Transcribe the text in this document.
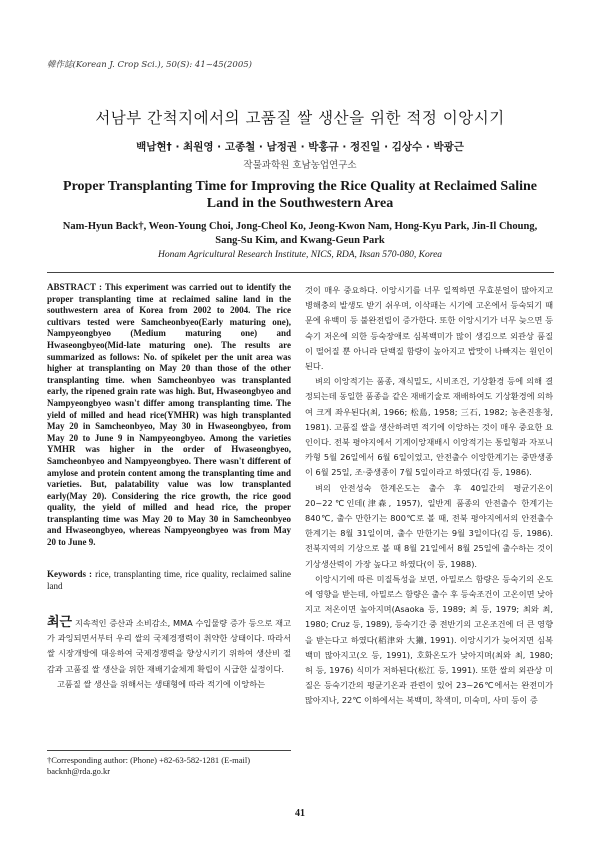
韓作誌(Korean J. Crop Sci.), 50(S): 41~45(2005)
서남부 간척지에서의 고품질 쌀 생산을 위한 적정 이앙시기
백남현† · 최원영 · 고종철 · 남정권 · 박홍규 · 정진일 · 김상수 · 박광근
작물과학원 호남농업연구소
Proper Transplanting Time for Improving the Rice Quality at Reclaimed Saline Land in the Southwestern Area
Nam-Hyun Back†, Weon-Young Choi, Jong-Cheol Ko, Jeong-Kwon Nam, Hong-Kyu Park, Jin-Il Choung, Sang-Su Kim, and Kwang-Geun Park
Honam Agricultural Research Institute, NICS, RDA, Iksan 570-080, Korea
ABSTRACT : This experiment was carried out to identify the proper transplanting time at reclaimed saline land in the southwestern area of Korea from 2002 to 2004. The rice cultivars tested were Samcheonbyeo(Early maturing one), Nampyeongbyeo (Medium maturing one) and Hwaseongbyeo(Mid-late maturing one). The results are summarized as follows: No. of spikelet per the unit area was higher at transplanting on May 20 than those of the other transplanting time. when Samcheonbyeo was transplanted early, the ripened grain rate was high. But, Hwaseongbyeo and Nampyeongbyeo wasn't differ among transplanting time. The yield of milled and head rice(YMHR) was high transplanted May 20 in Samcheonbyeo, May 30 in Hwaseongbyeo, from May 20 to June 9 in Nampyeongbyeo. Among the varieties YMHR was higher in the order of Hwaseongbyeo, Samcheonbyeo and Nampyeongbyeo. There wasn't different of amylose and protein content among the transplanting time and varieties. But, palatability value was low transplanted early(May 20). Considering the rice growth, the rice good quality, the yield of milled and head rice, the proper transplanting time was May 20 to May 30 in Samcheonbyeo and Hwaseongbyeo, whereas Nampyeongbyeo was from May 20 to June 9.
Keywords : rice, transplanting time, rice quality, reclaimed saline land
최근 지속적인 증산과 소비감소, MMA 수입물량 증가 등으로 재고가 과잉되면서부터 우리 쌀의 국제경쟁력이 취약한 상태이다. 따라서 쌀 시장개방에 대응하여 국제경쟁력을 향상시키기 위하여 생산비 절감과 고품질 쌀 생산을 위한 재배기술체계 확립이 시급한 실정이다.
고품질 쌀 생산을 위해서는 생태형에 따라 적기에 이앙하는
†Corresponding author: (Phone) +82-63-582-1281 (E-mail) backnh@rda.go.kr

것이 매우 중요하다. 이앙시기를 너무 일찍하면 무효분얼이 많아지고 병해충의 발생도 받기 쉬우며, 이삭패는 시기에 고온에서 등숙되기 때문에 유백미 등 불완전립이 증가한다. 또한 이앙시기가 너무 늦으면 등숙기 저온에 의한 등숙장애로 심복백미가 많이 생김으로 외관상 품질이 떨어질 뿐 아니라 단백질 함량이 높아지고 밥맛이 나빠지는 원인이 된다.

벼의 이앙적기는 품종, 재식밀도, 시비조건, 기상환경 등에 의해 결정되는데 동일한 품종을 같은 재배기술로 재배하여도 기상환경에 의하여 크게 좌우된다(최, 1966; 松島, 1958; 三石, 1982; 농촌진흥청, 1981). 고품질 쌀을 생산하려면 적기에 이앙하는 것이 매우 중요한 요인이다. 전북 평야지에서 기계이앙재배시 이앙적기는 통일형과 자포니카형 5월 26일에서 6월 6일이었고, 안전출수 이앙한계기는 중만생종이 6월 25일, 조·중생종이 7월 5일이라고 하였다(김 등, 1986).

벼의 안전성숙 한계온도는 출수 후 40일간의 평균기온이 20~22℃인데(津森, 1957), 일반계 품종의 안전출수 한계기는 840℃, 출수 만한기는 800℃로 볼 때, 전북 평야지에서의 안전출수 한계기는 8월 31일이며, 출수 만한기는 9월 3일이다(김 등, 1986). 전북지역의 기상으로 볼 때 8월 21일에서 8월 25일에 출수하는 것이 기상생산력이 가장 높다고 하였다(이 등, 1988).

이앙시기에 따른 미질특성을 보면, 아밀로스 함량은 등숙기의 온도에 영향을 받는데, 아밀로스 함량은 출수 후 등숙조건이 고온이면 낮아지고 저온이면 높아지며(Asaoka 등, 1989; 최 등, 1979; 최와 최, 1980; Cruz 등, 1989), 등숙기간 중 전반기의 고온조건에 더 큰 영향을 받는다고 하였다(稻津와 大獺, 1991). 이앙시기가 늦어지면 심복백미 많아지고(오 등, 1991), 호화온도가 낮아지며(최와 최, 1980; 허 등, 1976) 식미가 저하된다(松江 등, 1991). 또한 쌀의 외관상 미질은 등숙기간의 평균기온과 관련이 있어 23~26℃에서는 완전미가 많아지나, 22℃ 이하에서는 복백미, 착색미, 미숙미, 사미 등이 증

41
